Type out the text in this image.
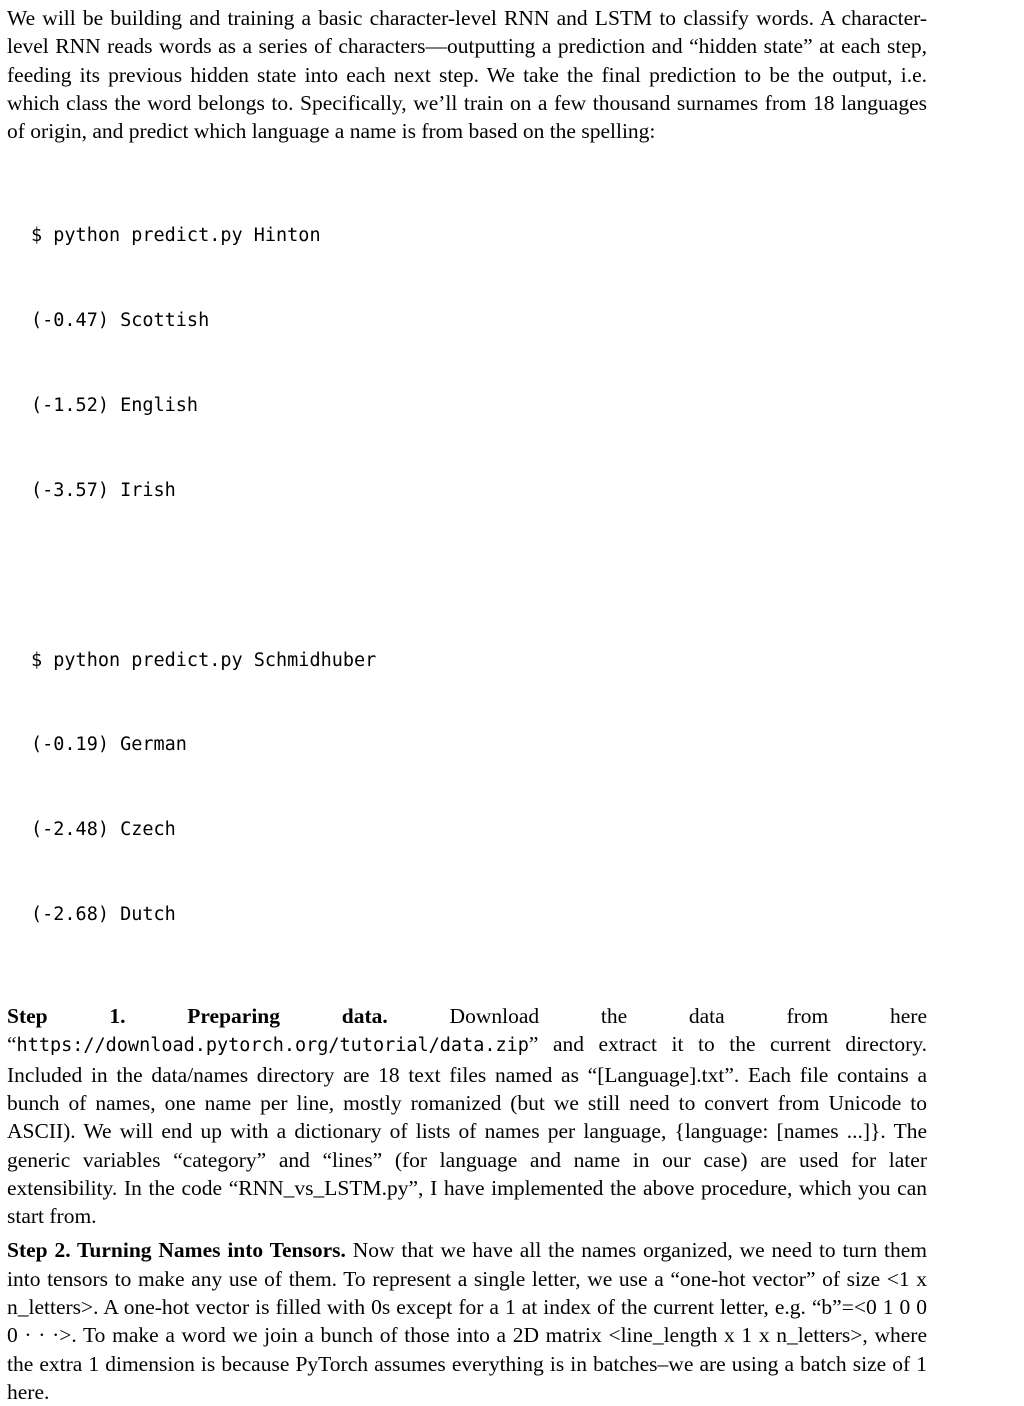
We will be building and training a basic character-level RNN and LSTM to classify words. A character-level RNN reads words as a series of characters—outputting a prediction and “hidden state” at each step, feeding its previous hidden state into each next step. We take the final prediction to be the output, i.e. which class the word belongs to. Specifically, we’ll train on a few thousand surnames from 18 languages of origin, and predict which language a name is from based on the spelling:

$ python predict.py Hinton

(-0.47) Scottish

(-1.52) English

(-3.57) Irish

$ python predict.py Schmidhuber

(-0.19) German

(-2.48) Czech

(-2.68) Dutch

Step 1. Preparing data. Download the data from here “https://download.pytorch.org/tutorial/data.zip” and extract it to the current directory. Included in the data/names directory are 18 text files named as “[Language].txt”. Each file contains a bunch of names, one name per line, mostly romanized (but we still need to convert from Unicode to ASCII). We will end up with a dictionary of lists of names per language, {language: [names ...]}. The generic variables “category” and “lines” (for language and name in our case) are used for later extensibility. In the code “RNN_vs_LSTM.py”, I have implemented the above procedure, which you can start from.

Step 2. Turning Names into Tensors. Now that we have all the names organized, we need to turn them into tensors to make any use of them. To represent a single letter, we use a “one-hot vector” of size <1 x n_letters>. A one-hot vector is filled with 0s except for a 1 at index of the current letter, e.g. “b”=<0 1 0 0 0 · · ·>. To make a word we join a bunch of those into a 2D matrix <line_length x 1 x n_letters>, where the extra 1 dimension is because PyTorch assumes everything is in batches–we are using a batch size of 1 here.
